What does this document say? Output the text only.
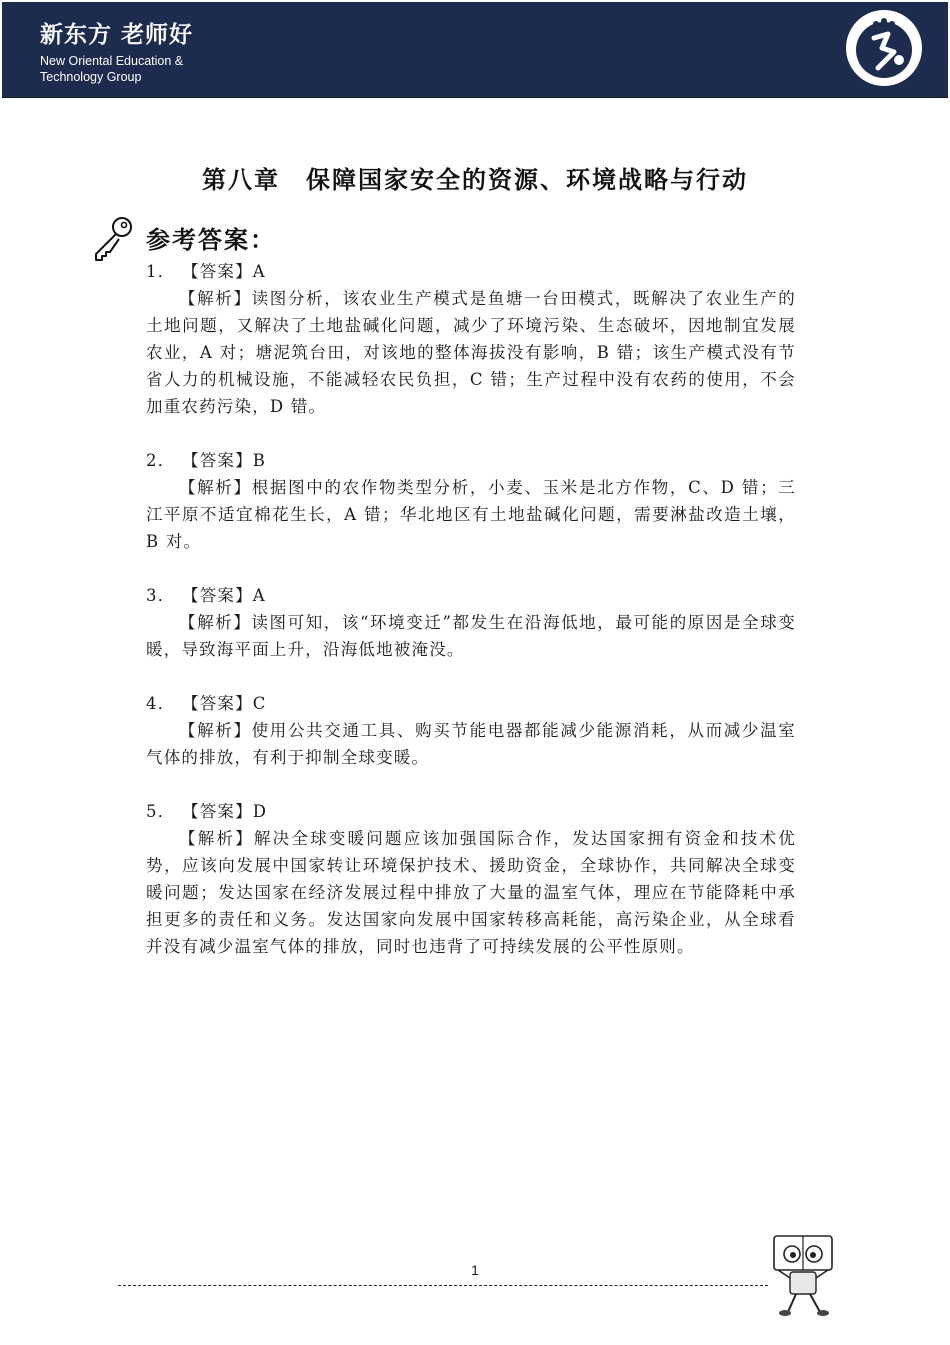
新东方 老师好
New Oriental Education & Technology Group
第八章　保障国家安全的资源、环境战略与行动
参考答案：

1． 【答案】A

【解析】读图分析，该农业生产模式是鱼塘一台田模式，既解决了农业生产的土地问题，又解决了土地盐碱化问题，减少了环境污染、生态破坏，因地制宜发展农业，A 对；塘泥筑台田，对该地的整体海拔没有影响，B 错；该生产模式没有节省人力的机械设施，不能减轻农民负担，C 错；生产过程中没有农药的使用，不会加重农药污染，D 错。

2． 【答案】B

【解析】根据图中的农作物类型分析，小麦、玉米是北方作物，C、D 错；三江平原不适宜棉花生长，A 错；华北地区有土地盐碱化问题，需要淋盐改造土壤，B 对。

3． 【答案】A

【解析】读图可知，该“环境变迁”都发生在沿海低地，最可能的原因是全球变暖，导致海平面上升，沿海低地被淹没。

4． 【答案】C

【解析】使用公共交通工具、购买节能电器都能减少能源消耗，从而减少温室气体的排放，有利于抑制全球变暖。

5． 【答案】D

【解析】解决全球变暖问题应该加强国际合作，发达国家拥有资金和技术优势，应该向发展中国家转让环境保护技术、援助资金，全球协作，共同解决全球变暖问题；发达国家在经济发展过程中排放了大量的温室气体，理应在节能降耗中承担更多的责任和义务。发达国家向发展中国家转移高耗能，高污染企业，从全球看并没有减少温室气体的排放，同时也违背了可持续发展的公平性原则。

1
